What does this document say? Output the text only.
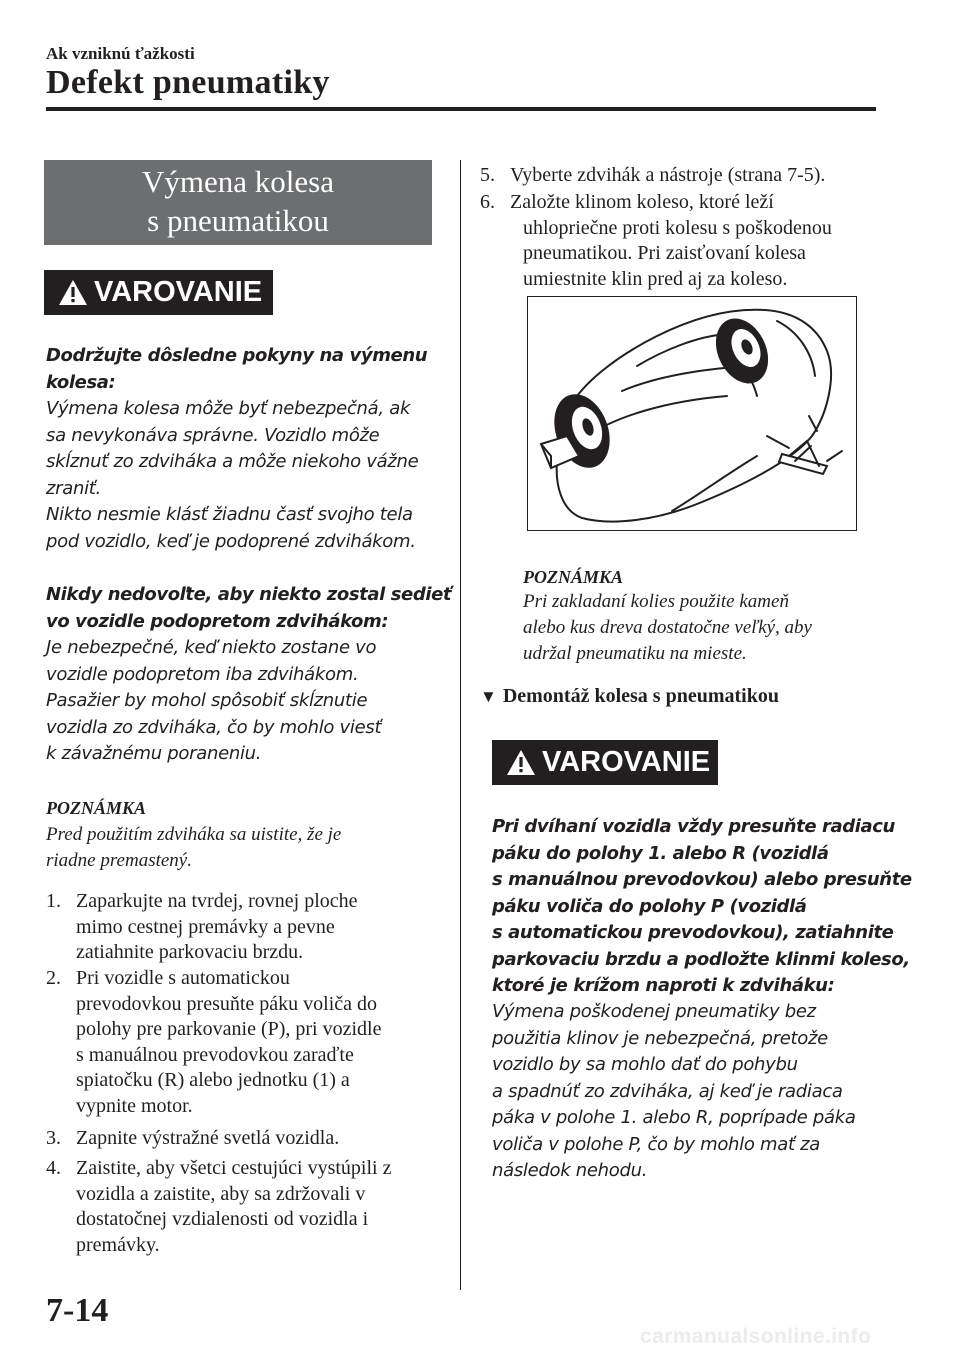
Ak vzniknú ťažkosti
Defekt pneumatiky
Výmena kolesa
s pneumatikou
VAROVANIE
Dodržujte dôsledne pokyny na výmenu
kolesa:
Výmena kolesa môže byť nebezpečná, ak
sa nevykonáva správne. Vozidlo môže
skĺznuť zo zdviháka a môže niekoho vážne
zraniť.
Nikto nesmie klásť žiadnu časť svojho tela
pod vozidlo, keď je podoprené zdvihákom.
Nikdy nedovoľte, aby niekto zostal sedieť
vo vozidle podopretom zdvihákom:
Je nebezpečné, keď niekto zostane vo
vozidle podopretom iba zdvihákom.
Pasažier by mohol spôsobiť skĺznutie
vozidla zo zdviháka, čo by mohlo viesť
k závažnému poraneniu.
POZNÁMKA
Pred použitím zdviháka sa uistite, že je
riadne premastený.
1. Zaparkujte na tvrdej, rovnej ploche
mimo cestnej premávky a pevne
zatiahnite parkovaciu brzdu.
2. Pri vozidle s automatickou
prevodovkou presuňte páku voliča do
polohy pre parkovanie (P), pri vozidle
s manuálnou prevodovkou zaraďte
spiatočku (R) alebo jednotku (1) a
vypnite motor.
3. Zapnite výstražné svetlá vozidla.
4. Zaistite, aby všetci cestujúci vystúpili z
vozidla a zaistite, aby sa zdržovali v
dostatočnej vzdialenosti od vozidla i
premávky.
5. Vyberte zdvihák a nástroje (strana 7-5).
6. Založte klinom koleso, ktoré leží
uhlopriečne proti kolesu s poškodenou
pneumatikou. Pri zaisťovaní kolesa
umiestnite klin pred aj za koleso.
POZNÁMKA
Pri zakladaní kolies použite kameň
alebo kus dreva dostatočne veľký, aby
udržal pneumatiku na mieste.
▼ Demontáž kolesa s pneumatikou
VAROVANIE
Pri dvíhaní vozidla vždy presuňte radiacu
páku do polohy 1. alebo R (vozidlá
s manuálnou prevodovkou) alebo presuňte
páku voliča do polohy P (vozidlá
s automatickou prevodovkou), zatiahnite
parkovaciu brzdu a podložte klinmi koleso,
ktoré je krížom naproti k zdviháku:
Výmena poškodenej pneumatiky bez
použitia klinov je nebezpečná, pretože
vozidlo by sa mohlo dať do pohybu
a spadnúť zo zdviháka, aj keď je radiaca
páka v polohe 1. alebo R, poprípade páka
voliča v polohe P, čo by mohlo mať za
následok nehodu.
7-14
carmanualsonline.info
